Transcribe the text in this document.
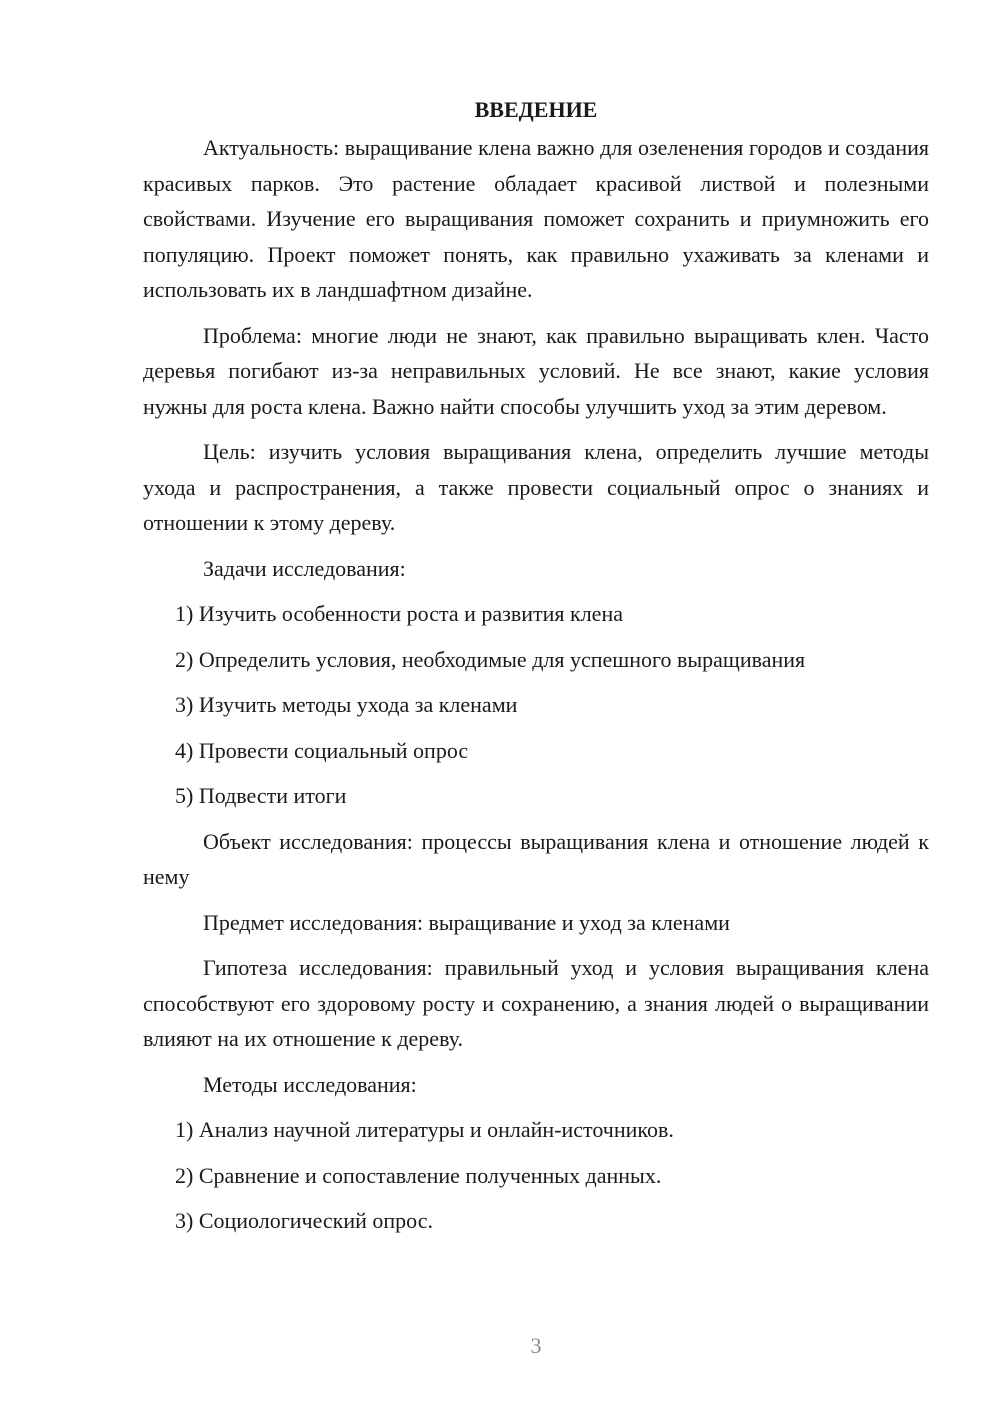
ВВЕДЕНИЕ

Актуальность: выращивание клена важно для озеленения городов и создания красивых парков. Это растение обладает красивой листвой и полезными свойствами. Изучение его выращивания поможет сохранить и приумножить его популяцию. Проект поможет понять, как правильно ухаживать за кленами и использовать их в ландшафтном дизайне.

Проблема: многие люди не знают, как правильно выращивать клен. Часто деревья погибают из-за неправильных условий. Не все знают, какие условия нужны для роста клена. Важно найти способы улучшить уход за этим деревом.

Цель: изучить условия выращивания клена, определить лучшие методы ухода и распространения, а также провести социальный опрос о знаниях и отношении к этому дереву.

Задачи исследования:
1) Изучить особенности роста и развития клена
2) Определить условия, необходимые для успешного выращивания
3) Изучить методы ухода за кленами
4) Провести социальный опрос
5) Подвести итоги

Объект исследования: процессы выращивания клена и отношение людей к нему

Предмет исследования: выращивание и уход за кленами

Гипотеза исследования: правильный уход и условия выращивания клена способствуют его здоровому росту и сохранению, а знания людей о выращивании влияют на их отношение к дереву.

Методы исследования:
1) Анализ научной литературы и онлайн-источников.
2) Сравнение и сопоставление полученных данных.
3) Социологический опрос.
3
